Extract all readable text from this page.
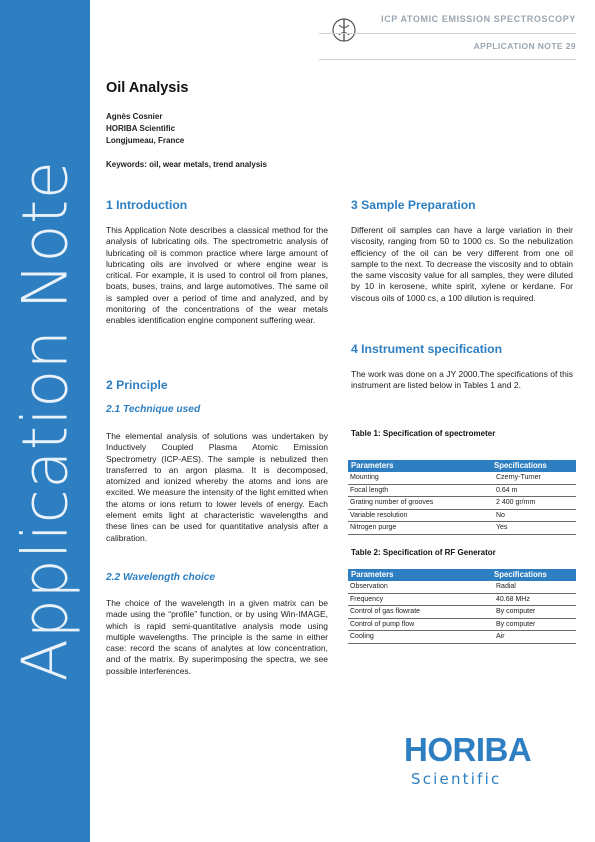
Application Note
ICP ATOMIC EMISSION SPECTROSCOPY
APPLICATION NOTE 29
Oil Analysis
Agnès Cosnier
HORIBA Scientific
Longjumeau, France
Keywords: oil, wear metals, trend analysis
1 Introduction
This Application Note describes a classical method for the analysis of lubricating oils. The spectrometric analysis of lubricating oil is common practice where large amount of lubricating oils are involved or where engine wear is critical. For example, it is used to control oil from planes, boats, buses, trains, and large automotives. The same oil is sampled over a period of time and analyzed, and by monitoring of the concentrations of the wear metals enables identification engine component suffering wear.
2 Principle
2.1 Technique used
The elemental analysis of solutions was undertaken by Inductively Coupled Plasma Atomic Emission Spectrometry (ICP-AES). The sample is nebulized then transferred to an argon plasma. It is decomposed, atomized and ionized whereby the atoms and ions are excited. We measure the intensity of the light emitted when the atoms or ions return to lower levels of energy. Each element emits light at characteristic wavelengths and these lines can be used for quantitative analysis after a calibration.
2.2 Wavelength choice
The choice of the wavelength in a given matrix can be made using the “profile” function, or by using Win-IMAGE, which is rapid semi-quantitative analysis mode using multiple wavelengths. The principle is the same in either case: record the scans of analytes at low concentration, and of the matrix. By superimposing the spectra, we see possible interferences.
3 Sample Preparation
Different oil samples can have a large variation in their viscosity, ranging from 50 to 1000 cs. So the nebulization efficiency of the oil can be very different from one oil sample to the next. To decrease the viscosity and to obtain the same viscosity value for all samples, they were diluted by 10 in kerosene, white spirit, xylene or kerdane. For viscous oils of 1000 cs, a 100 dilution is required.
4 Instrument specification
The work was done on a JY 2000.The specifications of this instrument are listed below in Tables 1 and 2.
Table 1: Specification of spectrometer
Parameters	Specifications
Mounting	Czerny-Turner
Focal length	0.64 m
Grating number of grooves	2 400 gr/mm
Variable resolution	No
Nitrogen purge	Yes
Table 2: Specification of RF Generator
Parameters	Specifications
Observation	Radial
Frequency	40.68 MHz
Control of gas flowrate	By computer
Control of pump flow	By computer
Cooling	Air
HORIBA
Scientific
